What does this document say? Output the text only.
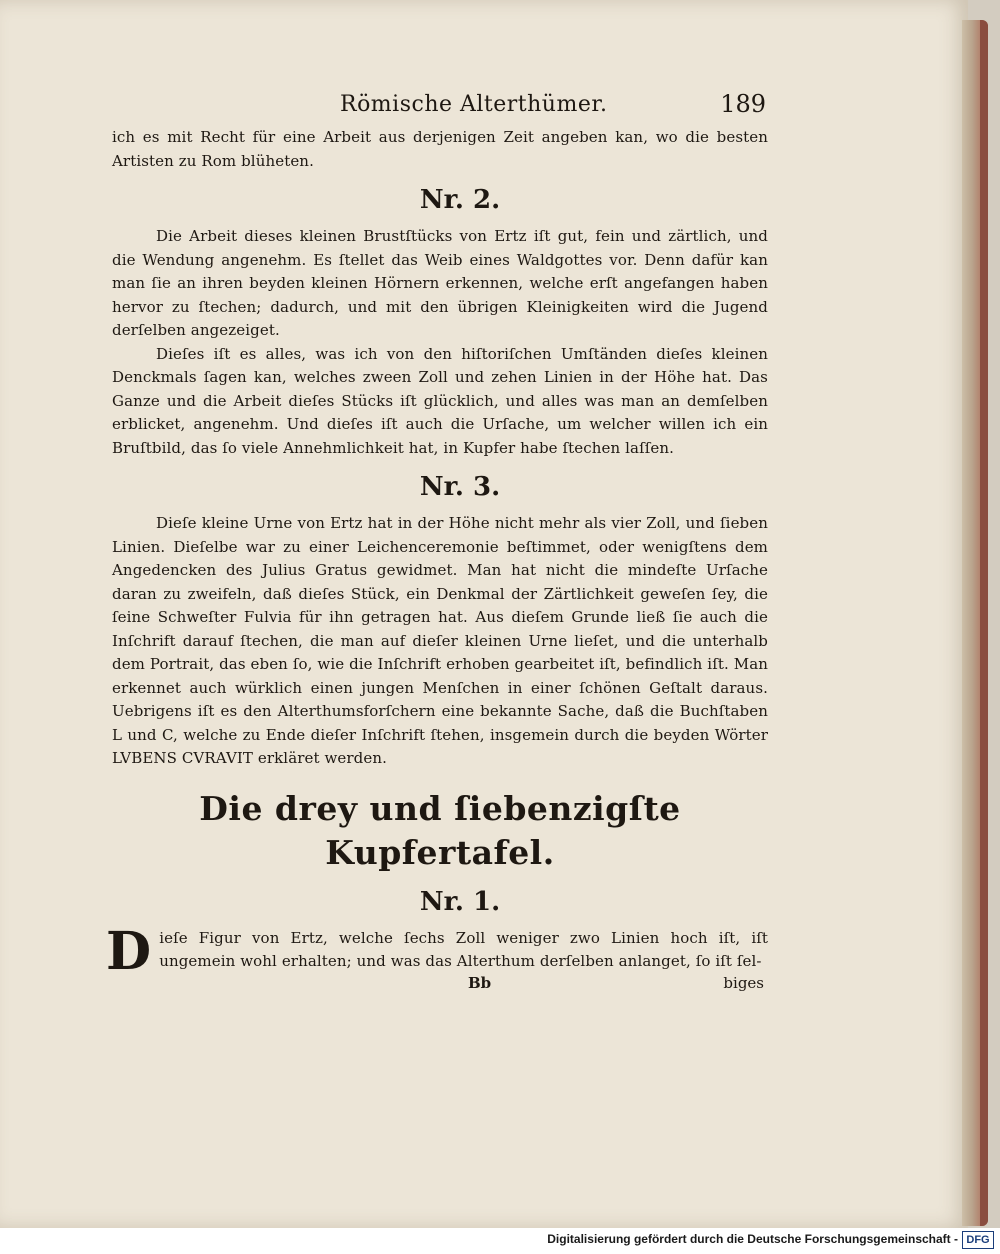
Römische Alterthümer.	189

ich es mit Recht für eine Arbeit aus derjenigen Zeit angeben kan, wo die besten Artisten zu Rom blüheten.

Nr. 2.

Die Arbeit dieses kleinen Brustſtücks von Ertz iſt gut, fein und zärtlich, und die Wendung angenehm. Es ſtellet das Weib eines Waldgottes vor. Denn dafür kan man ſie an ihren beyden kleinen Hörnern erkennen, welche erſt angefangen haben hervor zu ſtechen; dadurch, und mit den übrigen Kleinigkeiten wird die Jugend derſelben angezeiget.

Dieſes iſt es alles, was ich von den hiſtoriſchen Umſtänden dieſes kleinen Denckmals ſagen kan, welches zween Zoll und zehen Linien in der Höhe hat. Das Ganze und die Arbeit dieſes Stücks iſt glücklich, und alles was man an demſelben erblicket, angenehm. Und dieſes iſt auch die Urſache, um welcher willen ich ein Bruſtbild, das ſo viele Annehmlichkeit hat, in Kupfer habe ſtechen laſſen.

Nr. 3.

Dieſe kleine Urne von Ertz hat in der Höhe nicht mehr als vier Zoll, und ſieben Linien. Dieſelbe war zu einer Leichenceremonie beſtimmet, oder wenigſtens dem Angedencken des Julius Gratus gewidmet. Man hat nicht die mindeſte Urſache daran zu zweifeln, daß dieſes Stück, ein Denkmal der Zärtlichkeit geweſen ſey, die ſeine Schweſter Fulvia für ihn getragen hat. Aus dieſem Grunde ließ ſie auch die Inſchrift darauf ſtechen, die man auf dieſer kleinen Urne lieſet, und die unterhalb dem Portrait, das eben ſo, wie die Inſchrift erhoben gearbeitet iſt, befindlich iſt. Man erkennet auch würklich einen jungen Menſchen in einer ſchönen Geſtalt daraus. Uebrigens iſt es den Alterthumsforſchern eine bekannte Sache, daß die Buchſtaben L und C, welche zu Ende dieſer Inſchrift ſtehen, insgemein durch die beyden Wörter LVBENS CVRAVIT erkläret werden.

Die drey und ſiebenzigſte Kupfertafel.
Nr. 1.

Dieſe Figur von Ertz, welche ſechs Zoll weniger zwo Linien hoch iſt, iſt ungemein wohl erhalten; und was das Alterthum derſelben anlanget, ſo iſt ſel-

Bb	biges
Digitalisierung gefördert durch die Deutsche Forschungsgemeinschaft - DFG
